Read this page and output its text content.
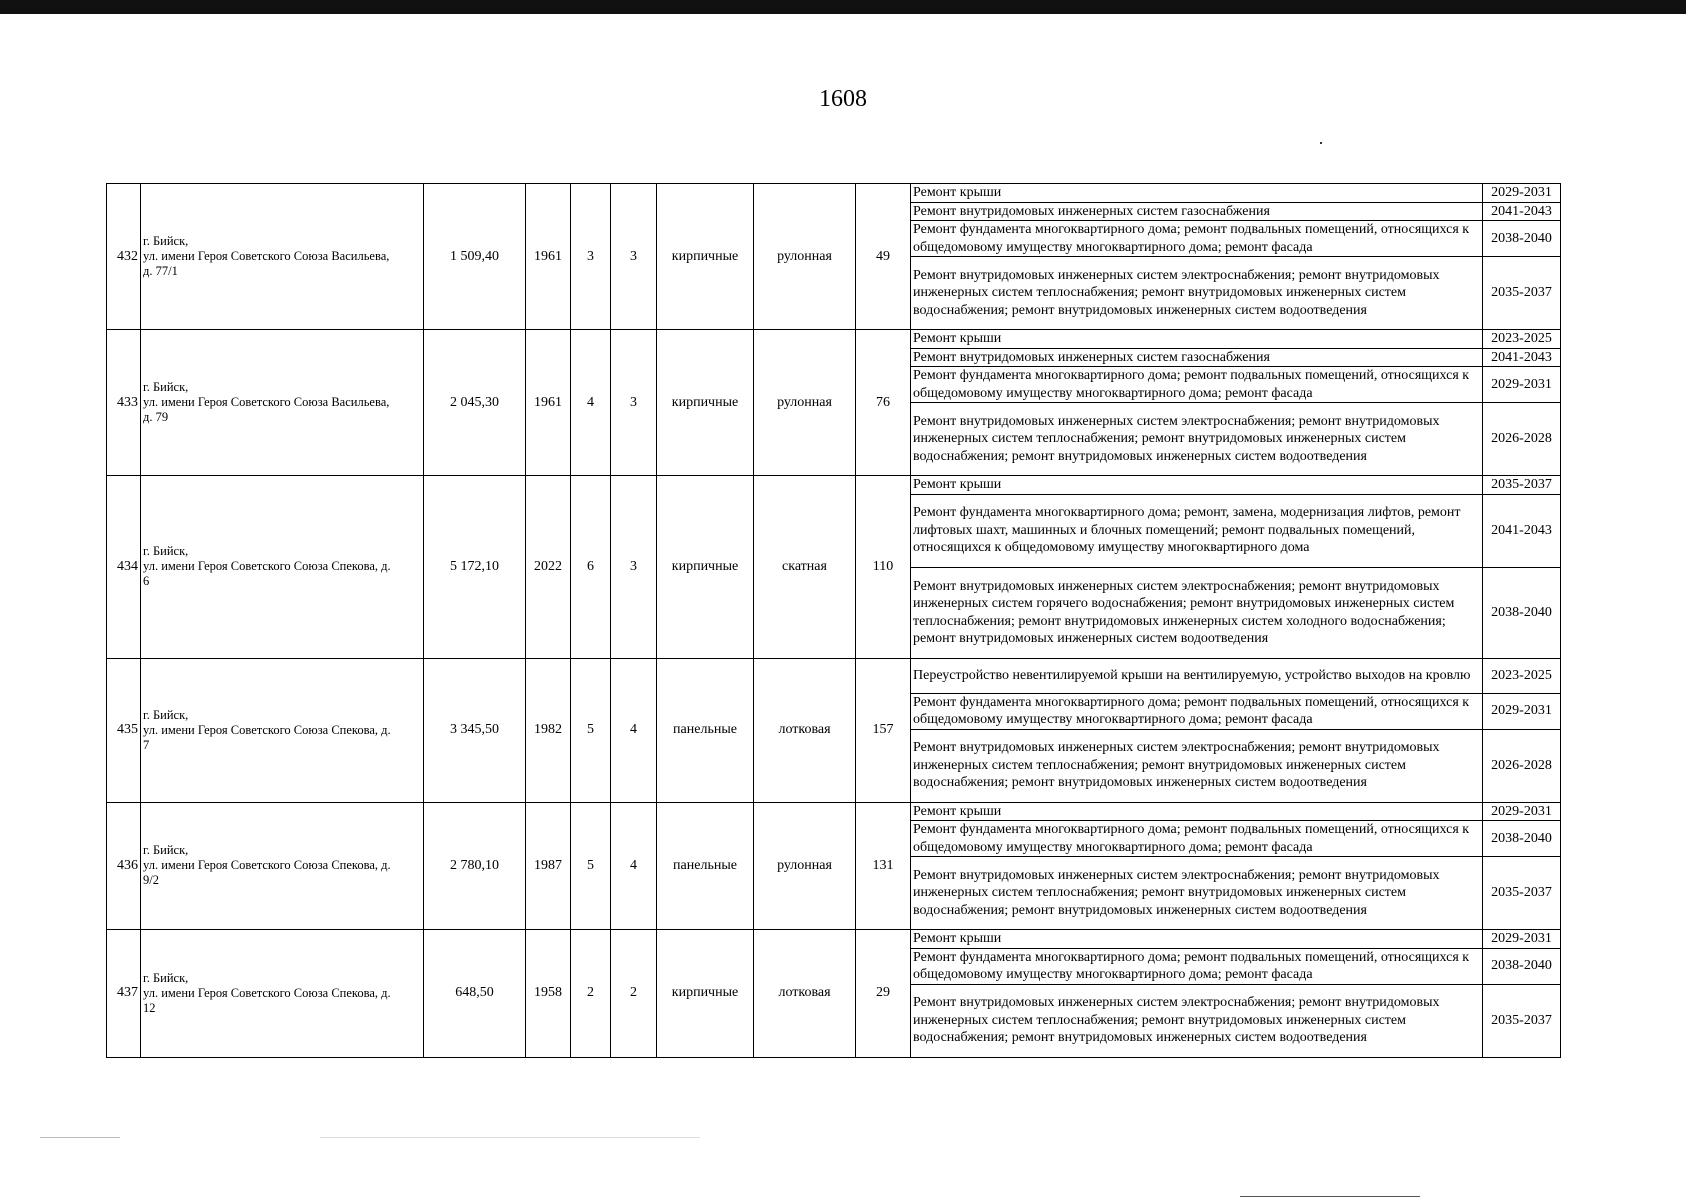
1608
432	г. Бийск,
ул. имени Героя Советского Союза Васильева,
д. 77/1	1 509,40	1961	3	3	кирпичные	рулонная	49	Ремонт крыши	2029-2031
									Ремонт внутридомовых инженерных систем газоснабжения	2041-2043
									Ремонт фундамента многоквартирного дома; ремонт подвальных помещений, относящихся к общедомовому имуществу многоквартирного дома; ремонт фасада	2038-2040
									Ремонт внутридомовых инженерных систем электроснабжения; ремонт внутридомовых инженерных систем теплоснабжения; ремонт внутридомовых инженерных систем водоснабжения; ремонт внутридомовых инженерных систем водоотведения	2035-2037
433	г. Бийск,
ул. имени Героя Советского Союза Васильева,
д. 79	2 045,30	1961	4	3	кирпичные	рулонная	76	Ремонт крыши	2023-2025
									Ремонт внутридомовых инженерных систем газоснабжения	2041-2043
									Ремонт фундамента многоквартирного дома; ремонт подвальных помещений, относящихся к общедомовому имуществу многоквартирного дома; ремонт фасада	2029-2031
									Ремонт внутридомовых инженерных систем электроснабжения; ремонт внутридомовых инженерных систем теплоснабжения; ремонт внутридомовых инженерных систем водоснабжения; ремонт внутридомовых инженерных систем водоотведения	2026-2028
434	г. Бийск,
ул. имени Героя Советского Союза Спекова, д.
6	5 172,10	2022	6	3	кирпичные	скатная	110	Ремонт крыши	2035-2037
									Ремонт фундамента многоквартирного дома; ремонт, замена, модернизация лифтов, ремонт лифтовых шахт, машинных и блочных помещений; ремонт подвальных помещений, относящихся к общедомовому имуществу многоквартирного дома	2041-2043
									Ремонт внутридомовых инженерных систем электроснабжения; ремонт внутридомовых инженерных систем горячего водоснабжения; ремонт внутридомовых инженерных систем теплоснабжения; ремонт внутридомовых инженерных систем холодного водоснабжения; ремонт внутридомовых инженерных систем водоотведения	2038-2040
435	г. Бийск,
ул. имени Героя Советского Союза Спекова, д.
7	3 345,50	1982	5	4	панельные	лотковая	157	Переустройство невентилируемой крыши на вентилируемую, устройство выходов на кровлю	2023-2025
									Ремонт фундамента многоквартирного дома; ремонт подвальных помещений, относящихся к общедомовому имуществу многоквартирного дома; ремонт фасада	2029-2031
									Ремонт внутридомовых инженерных систем электроснабжения; ремонт внутридомовых инженерных систем теплоснабжения; ремонт внутридомовых инженерных систем водоснабжения; ремонт внутридомовых инженерных систем водоотведения	2026-2028
436	г. Бийск,
ул. имени Героя Советского Союза Спекова, д.
9/2	2 780,10	1987	5	4	панельные	рулонная	131	Ремонт крыши	2029-2031
									Ремонт фундамента многоквартирного дома; ремонт подвальных помещений, относящихся к общедомовому имуществу многоквартирного дома; ремонт фасада	2038-2040
									Ремонт внутридомовых инженерных систем электроснабжения; ремонт внутридомовых инженерных систем теплоснабжения; ремонт внутридомовых инженерных систем водоснабжения; ремонт внутридомовых инженерных систем водоотведения	2035-2037
437	г. Бийск,
ул. имени Героя Советского Союза Спекова, д.
12	648,50	1958	2	2	кирпичные	лотковая	29	Ремонт крыши	2029-2031
									Ремонт фундамента многоквартирного дома; ремонт подвальных помещений, относящихся к общедомовому имуществу многоквартирного дома; ремонт фасада	2038-2040
									Ремонт внутридомовых инженерных систем электроснабжения; ремонт внутридомовых инженерных систем теплоснабжения; ремонт внутридомовых инженерных систем водоснабжения; ремонт внутридомовых инженерных систем водоотведения	2035-2037
